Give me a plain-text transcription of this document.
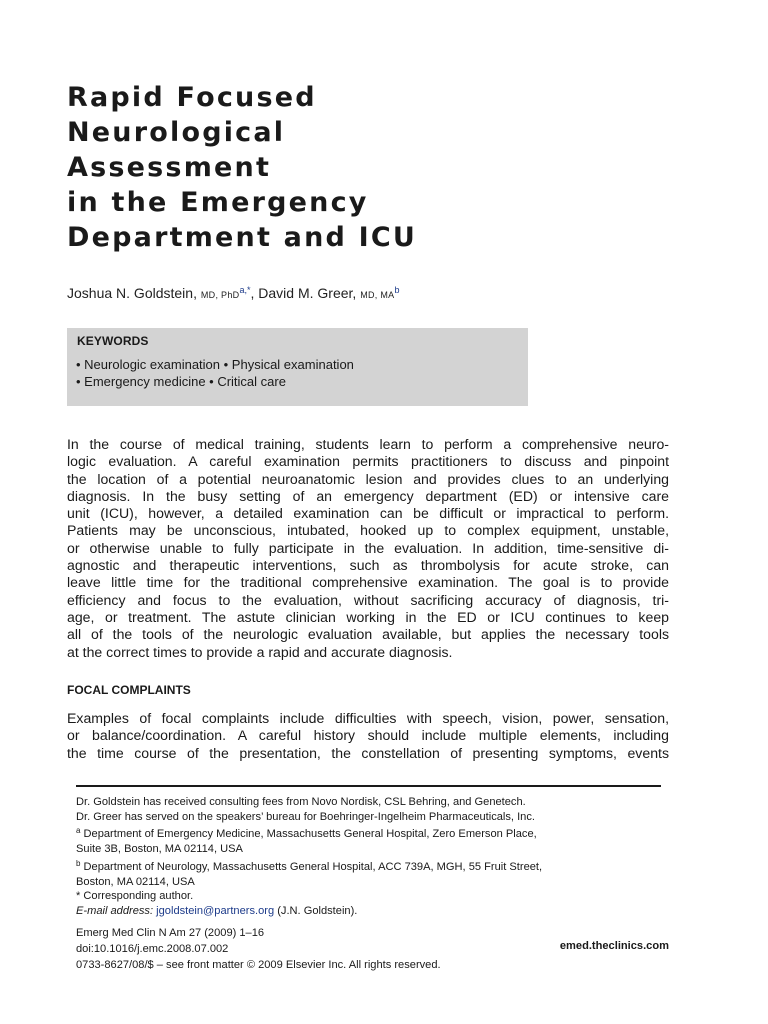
Rapid Focused
Neurological
Assessment
in the Emergency
Department and ICU
Joshua N. Goldstein, MD, PhD$^{a,*}$, David M. Greer, MD, $MA^b$
KEYWORDS
• Neurologic examination • Physical examination
• Emergency medicine • Critical care
In the course of medical training, students learn to perform a comprehensive neuro-
logic evaluation. A careful examination permits practitioners to discuss and pinpoint
the location of a potential neuroanatomic lesion and provides clues to an underlying
diagnosis. In the busy setting of an emergency department (ED) or intensive care
unit (ICU), however, a detailed examination can be difficult or impractical to perform.
Patients may be unconscious, intubated, hooked up to complex equipment, unstable,
or otherwise unable to fully participate in the evaluation. In addition, time-sensitive di-
agnostic and therapeutic interventions, such as thrombolysis for acute stroke, can
leave little time for the traditional comprehensive examination. The goal is to provide
efficiency and focus to the evaluation, without sacrificing accuracy of diagnosis, tri-
age, or treatment. The astute clinician working in the ED or ICU continues to keep
all of the tools of the neurologic evaluation available, but applies the necessary tools
at the correct times to provide a rapid and accurate diagnosis.
FOCAL COMPLAINTS
Examples of focal complaints include difficulties with speech, vision, power, sensation,
or balance/coordination. A careful history should include multiple elements, including
the time course of the presentation, the constellation of presenting symptoms, events
Dr. Goldstein has received consulting fees from Novo Nordisk, CSL Behring, and Genetech.
Dr. Greer has served on the speakers’ bureau for Boehringer-Ingelheim Pharmaceuticals, Inc.
$^a$ Department of Emergency Medicine, Massachusetts General Hospital, Zero Emerson Place,
Suite 3B, Boston, MA 02114, USA
$^b$ Department of Neurology, Massachusetts General Hospital, ACC 739A, MGH, 55 Fruit Street,
Boston, MA 02114, USA
* Corresponding author.
E-mail address: jgoldstein@partners.org (J.N. Goldstein).
Emerg Med Clin N Am 27 (2009) 1–16
doi:10.1016/j.emc.2008.07.002
0733-8627/08/$ – see front matter © 2009 Elsevier Inc. All rights reserved.
emed.theclinics.com
